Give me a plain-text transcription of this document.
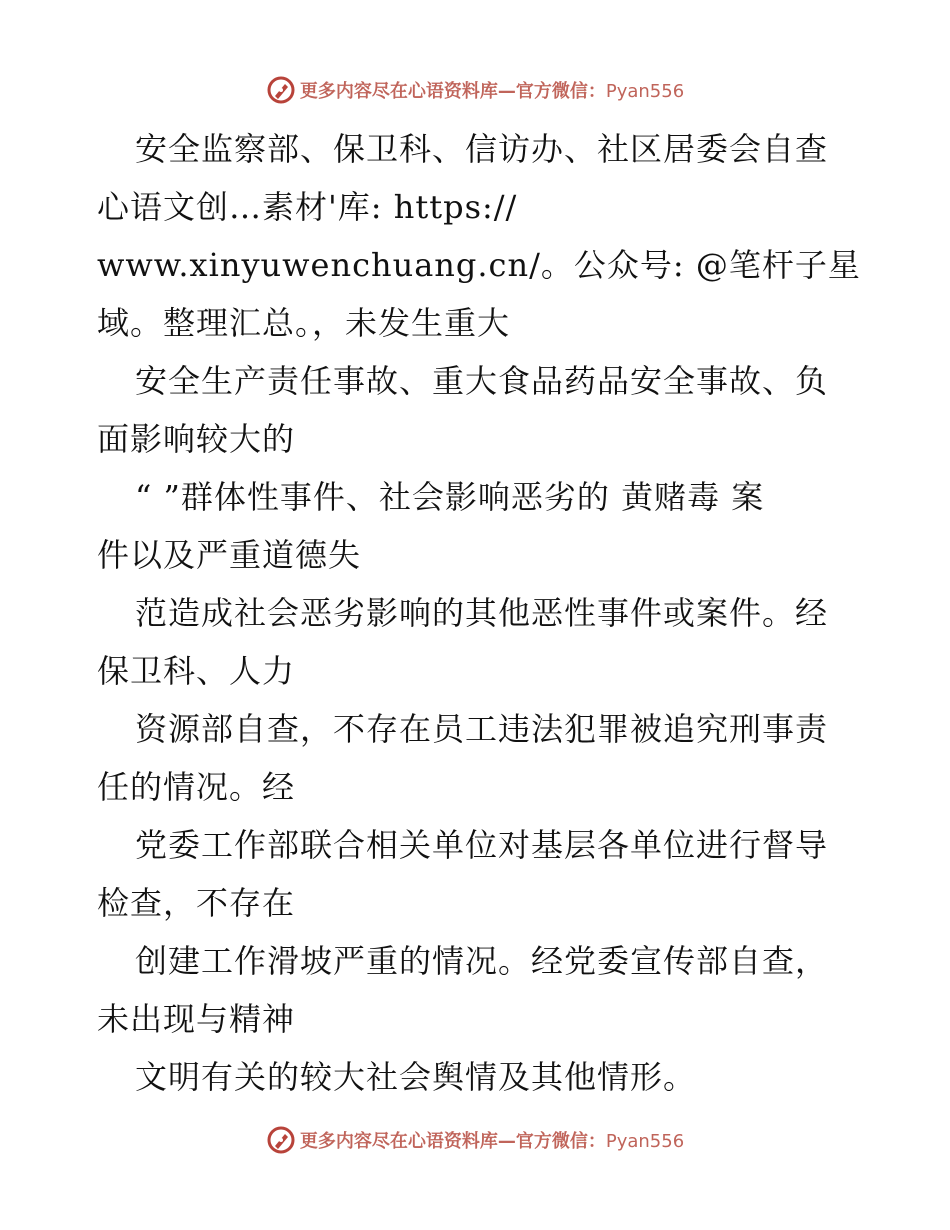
更多内容尽在心语资料库—官方微信：Pyan556
安全监察部、保卫科、信访办、社区居委会自查
心语文创…素材'库: https://
www.xinyuwenchuang.cn/。公众号: @笔杆子星
域。整理汇总。，未发生重大
安全生产责任事故、重大食品药品安全事故、负
面影响较大的
“ ”群体性事件、社会影响恶劣的 黄赌毒 案
件以及严重道德失
范造成社会恶劣影响的其他恶性事件或案件。经
保卫科、人力
资源部自查，不存在员工违法犯罪被追究刑事责
任的情况。经
党委工作部联合相关单位对基层各单位进行督导
检查，不存在
创建工作滑坡严重的情况。经党委宣传部自查，
未出现与精神
文明有关的较大社会舆情及其他情形。
更多内容尽在心语资料库—官方微信：Pyan556
